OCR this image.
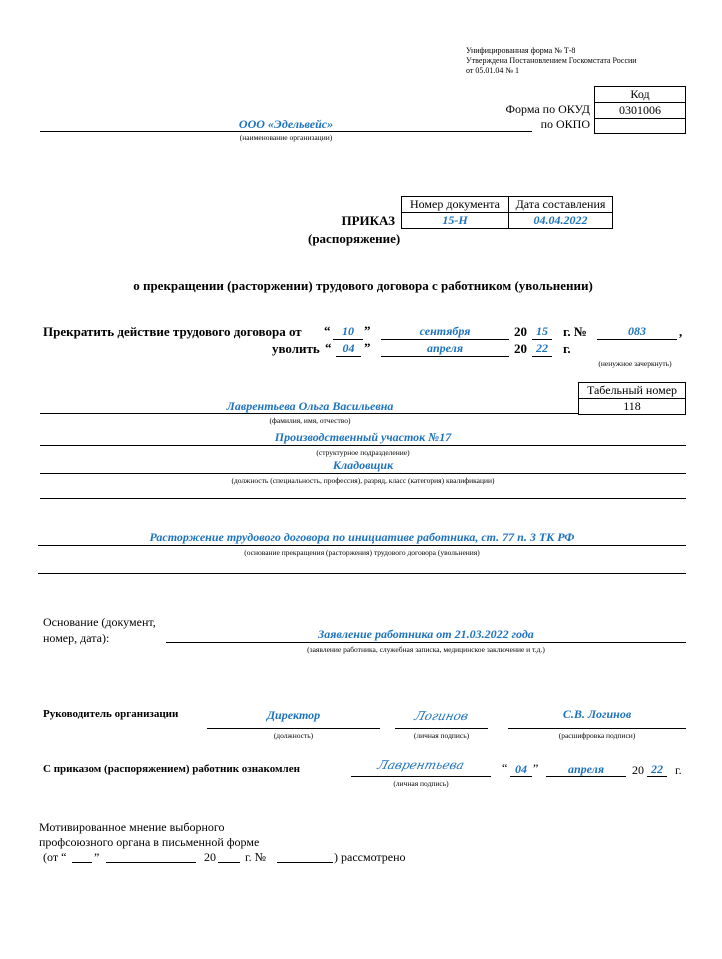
Унифицированная форма № Т-8
Утверждена Постановлением Госкомстата России
от 05.01.04 № 1
Форма по ОКУД
по ОКПО
Код
0301006

ООО «Эдельвейс»
(наименование организации)
Номер документа	Дата составления
15-Н	04.04.2022
ПРИКАЗ
(распоряжение)
о прекращении (расторжении) трудового договора с работником (увольнении)
Прекратить действие трудового договора от “ 10 ”	сентября	20 15	г. №	083	,
уволить “ 04 ”	апреля	20 22	г.
(ненужное зачеркнуть)
Табельный номер
118
Лаврентьева Ольга Васильевна
(фамилия, имя, отчество)
Производственный участок №17
(структурное подразделение)
Кладовщик
(должность (специальность, профессия), разряд, класс (категория) квалификации)
Расторжение трудового договора по инициативе работника, ст. 77 п. 3 ТК РФ
(основание прекращения (расторжения) трудового договора (увольнения)
Основание (документ,
номер, дата):	Заявление работника от 21.03.2022 года
(заявление работника, служебная записка, медицинское заключение и т.д.)
Руководитель организации	Директор
(должность)
Логинов
(личная подпись)
С.В. Логинов
(расшифровка подписи)
С приказом (распоряжением) работник ознакомлен	Лаврентьева
(личная подпись)
“ 04 ”	апреля	20 22	г.
Мотивированное мнение выборного
профсоюзного органа в письменной форме
(от “ ”	20 г. №	) рассмотрено
